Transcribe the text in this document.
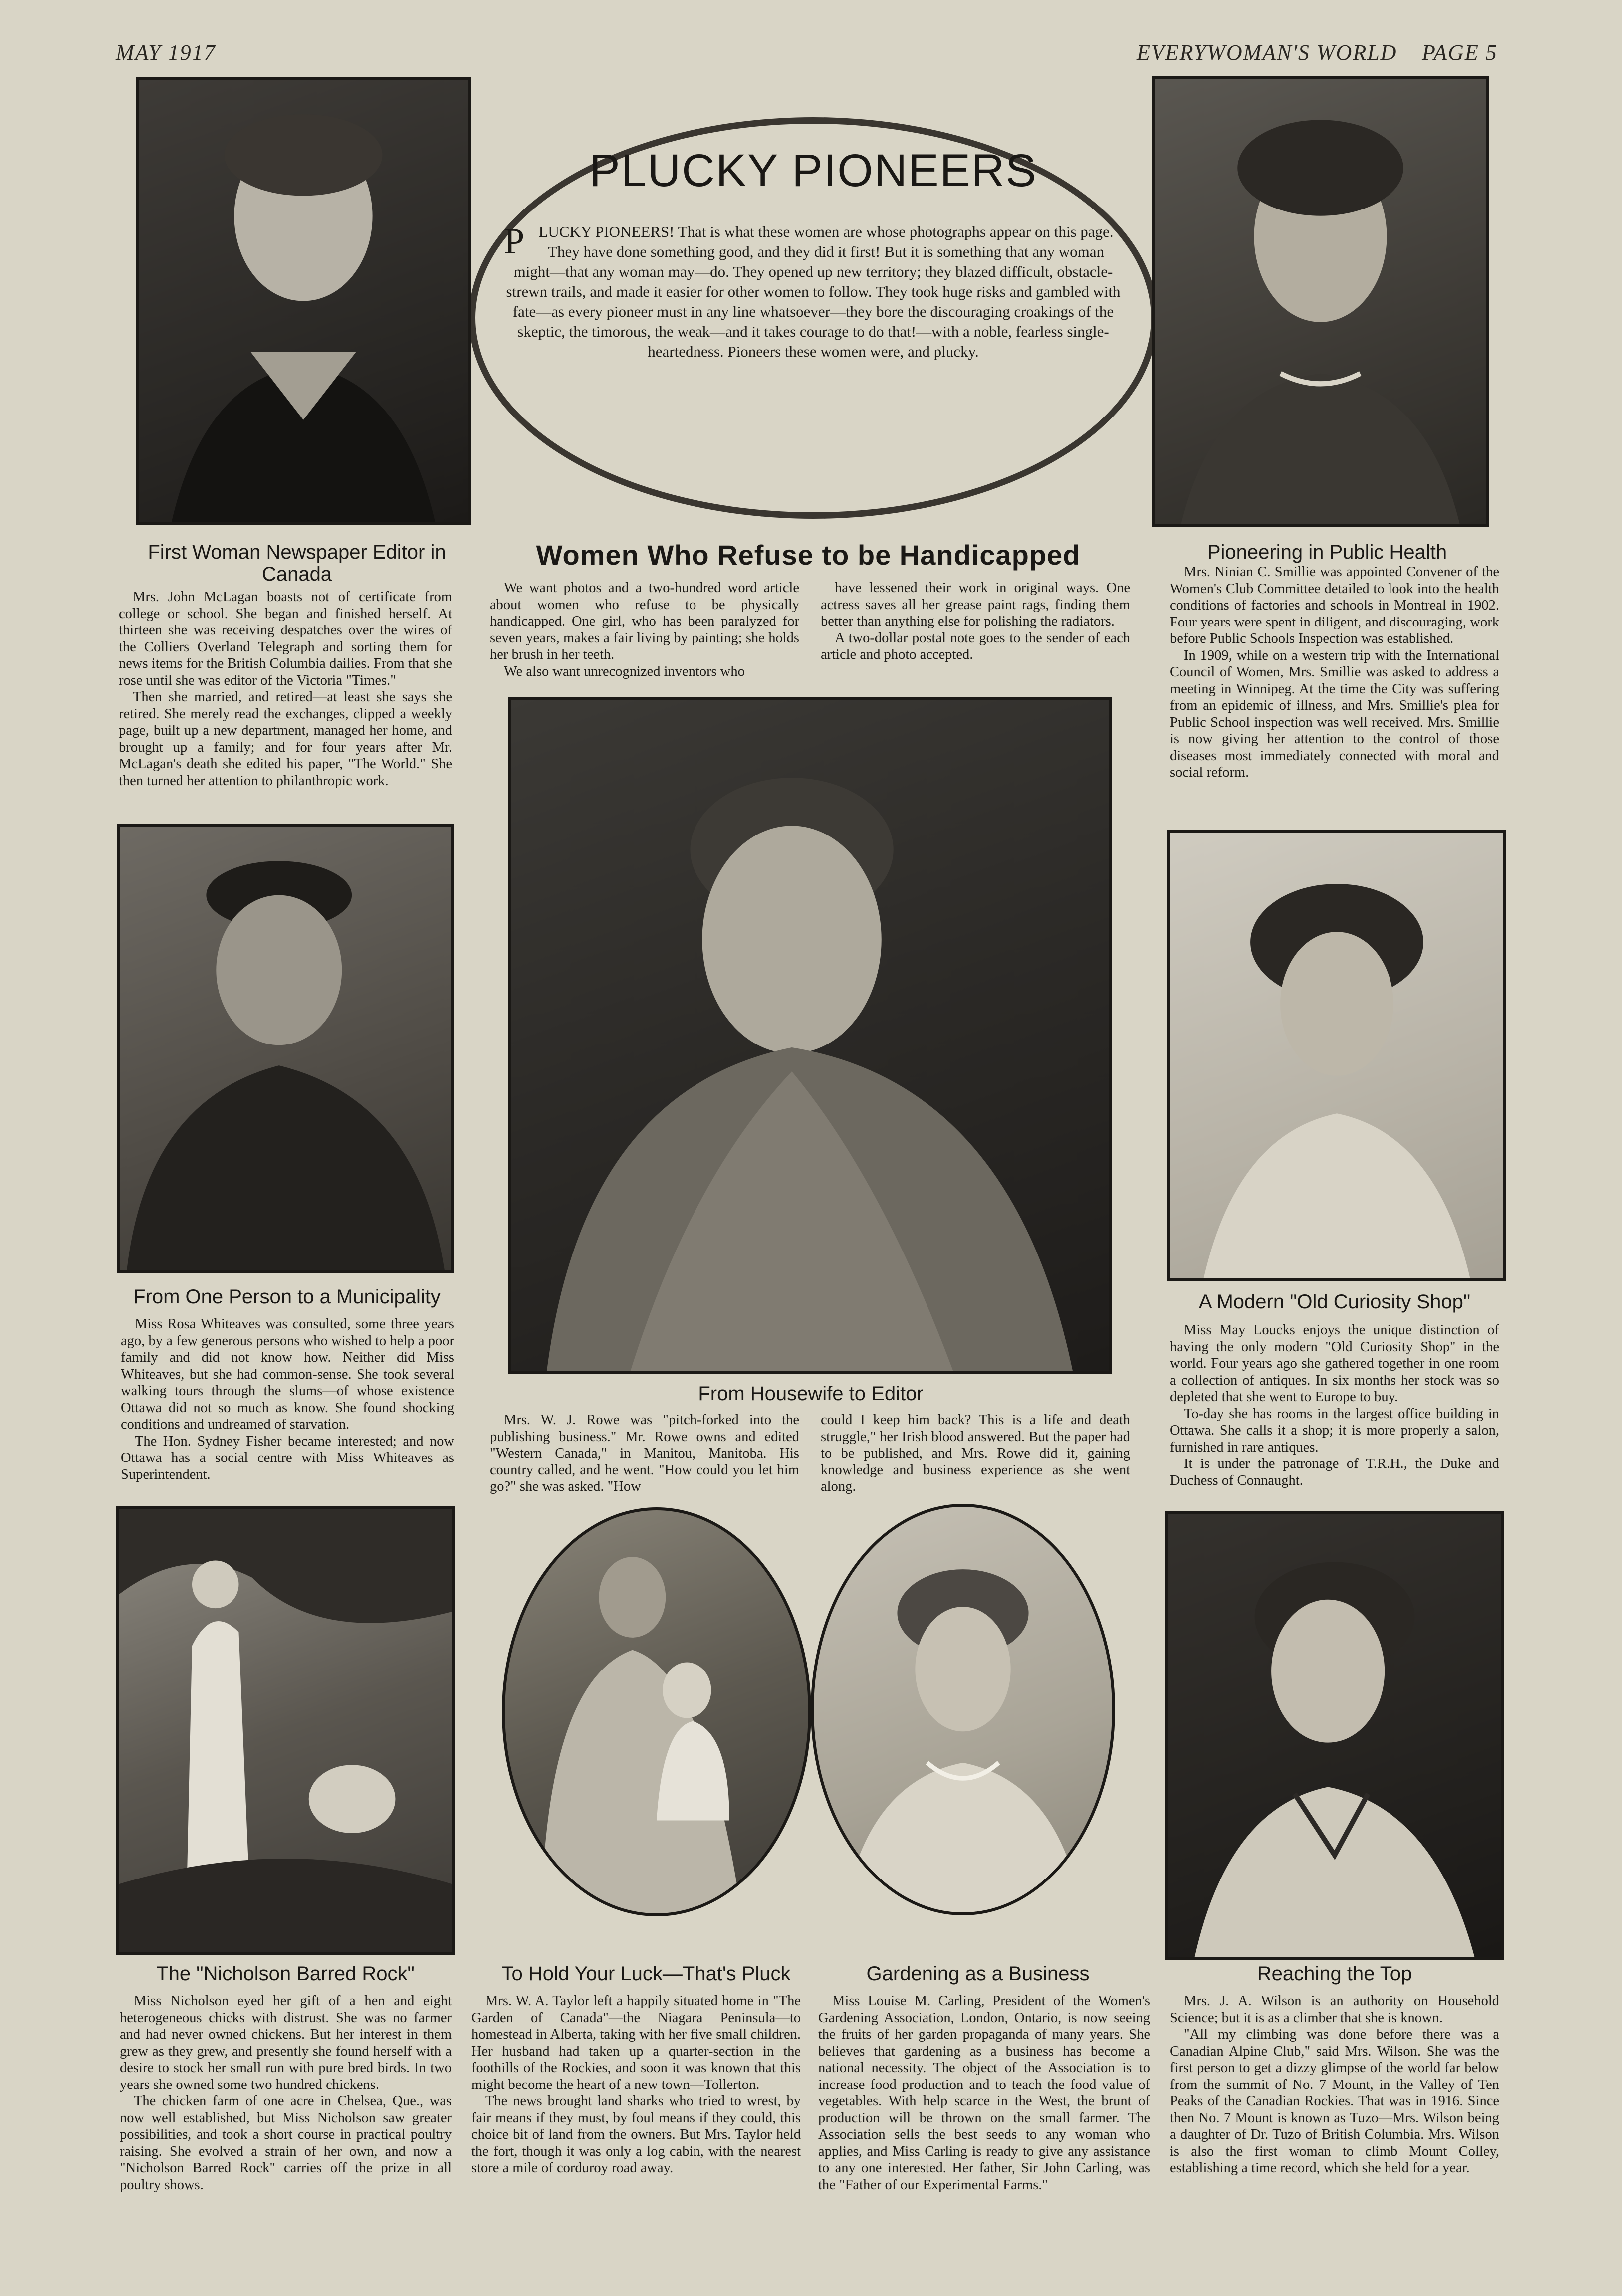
MAY 1917	EVERYWOMAN'S WORLD PAGE 5
PLUCKY PIONEERS
PLUCKY PIONEERS! That is what these women are whose photographs appear on this page. They have done something good, and they did it first! But it is something that any woman might—that any woman may—do. They opened up new territory; they blazed difficult, obstacle-strewn trails, and made it easier for other women to follow. They took huge risks and gambled with fate—as every pioneer must in any line whatsoever—they bore the discouraging croakings of the skeptic, the timorous, the weak—and it takes courage to do that!—with a noble, fearless single-heartedness. Pioneers these women were, and plucky.
First Woman Newspaper Editor in Canada

Mrs. John McLagan boasts not of certificate from college or school. She began and finished herself. At thirteen she was receiving despatches over the wires of the Colliers Overland Telegraph and sorting them for news items for the British Columbia dailies. From that she rose until she was editor of the Victoria "Times."

Then she married, and retired—at least she says she retired. She merely read the exchanges, clipped a weekly page, built up a new department, managed her home, and brought up a family; and for four years after Mr. McLagan's death she edited his paper, "The World." She then turned her attention to philanthropic work.

Women Who Refuse to be Handicapped

We want photos and a two-hundred word article about women who refuse to be physically handicapped. One girl, who has been paralyzed for seven years, makes a fair living by painting; she holds her brush in her teeth.

We also want unrecognized inventors who

have lessened their work in original ways. One actress saves all her grease paint rags, finding them better than anything else for polishing the radiators.

A two-dollar postal note goes to the sender of each article and photo accepted.

Pioneering in Public Health

Mrs. Ninian C. Smillie was appointed Convener of the Women's Club Committee detailed to look into the health conditions of factories and schools in Montreal in 1902. Four years were spent in diligent, and discouraging, work before Public Schools Inspection was established.

In 1909, while on a western trip with the International Council of Women, Mrs. Smillie was asked to address a meeting in Winnipeg. At the time the City was suffering from an epidemic of illness, and Mrs. Smillie's plea for Public School inspection was well received. Mrs. Smillie is now giving her attention to the control of those diseases most immediately connected with moral and social reform.

From One Person to a Municipality

Miss Rosa Whiteaves was consulted, some three years ago, by a few generous persons who wished to help a poor family and did not know how. Neither did Miss Whiteaves, but she had common-sense. She took several walking tours through the slums—of whose existence Ottawa did not so much as know. She found shocking conditions and undreamed of starvation.

The Hon. Sydney Fisher became interested; and now Ottawa has a social centre with Miss Whiteaves as Superintendent.

From Housewife to Editor

Mrs. W. J. Rowe was "pitch-forked into the publishing business." Mr. Rowe owns and edited "Western Canada," in Manitou, Manitoba. His country called, and he went. "How could you let him go?" she was asked. "How

could I keep him back? This is a life and death struggle," her Irish blood answered. But the paper had to be published, and Mrs. Rowe did it, gaining knowledge and business experience as she went along.

A Modern "Old Curiosity Shop"

Miss May Loucks enjoys the unique distinction of having the only modern "Old Curiosity Shop" in the world. Four years ago she gathered together in one room a collection of antiques. In six months her stock was so depleted that she went to Europe to buy.

To-day she has rooms in the largest office building in Ottawa. She calls it a shop; it is more properly a salon, furnished in rare antiques.

It is under the patronage of T.R.H., the Duke and Duchess of Connaught.

The "Nicholson Barred Rock"

Miss Nicholson eyed her gift of a hen and eight heterogeneous chicks with distrust. She was no farmer and had never owned chickens. But her interest in them grew as they grew, and presently she found herself with a desire to stock her small run with pure bred birds. In two years she owned some two hundred chickens.

The chicken farm of one acre in Chelsea, Que., was now well established, but Miss Nicholson saw greater possibilities, and took a short course in practical poultry raising. She evolved a strain of her own, and now a "Nicholson Barred Rock" carries off the prize in all poultry shows.

To Hold Your Luck—That's Pluck

Mrs. W. A. Taylor left a happily situated home in "The Garden of Canada"—the Niagara Peninsula—to homestead in Alberta, taking with her five small children. Her husband had taken up a quarter-section in the foothills of the Rockies, and soon it was known that this might become the heart of a new town—Tollerton.

The news brought land sharks who tried to wrest, by fair means if they must, by foul means if they could, this choice bit of land from the owners. But Mrs. Taylor held the fort, though it was only a log cabin, with the nearest store a mile of corduroy road away.

Gardening as a Business

Miss Louise M. Carling, President of the Women's Gardening Association, London, Ontario, is now seeing the fruits of her garden propaganda of many years. She believes that gardening as a business has become a national necessity. The object of the Association is to increase food production and to teach the food value of vegetables. With help scarce in the West, the brunt of production will be thrown on the small farmer. The Association sells the best seeds to any woman who applies, and Miss Carling is ready to give any assistance to any one interested. Her father, Sir John Carling, was the "Father of our Experimental Farms."

Reaching the Top

Mrs. J. A. Wilson is an authority on Household Science; but it is as a climber that she is known.

"All my climbing was done before there was a Canadian Alpine Club," said Mrs. Wilson. She was the first person to get a dizzy glimpse of the world far below from the summit of No. 7 Mount, in the Valley of Ten Peaks of the Canadian Rockies. That was in 1916. Since then No. 7 Mount is known as Tuzo—Mrs. Wilson being a daughter of Dr. Tuzo of British Columbia. Mrs. Wilson is also the first woman to climb Mount Colley, establishing a time record, which she held for a year.
